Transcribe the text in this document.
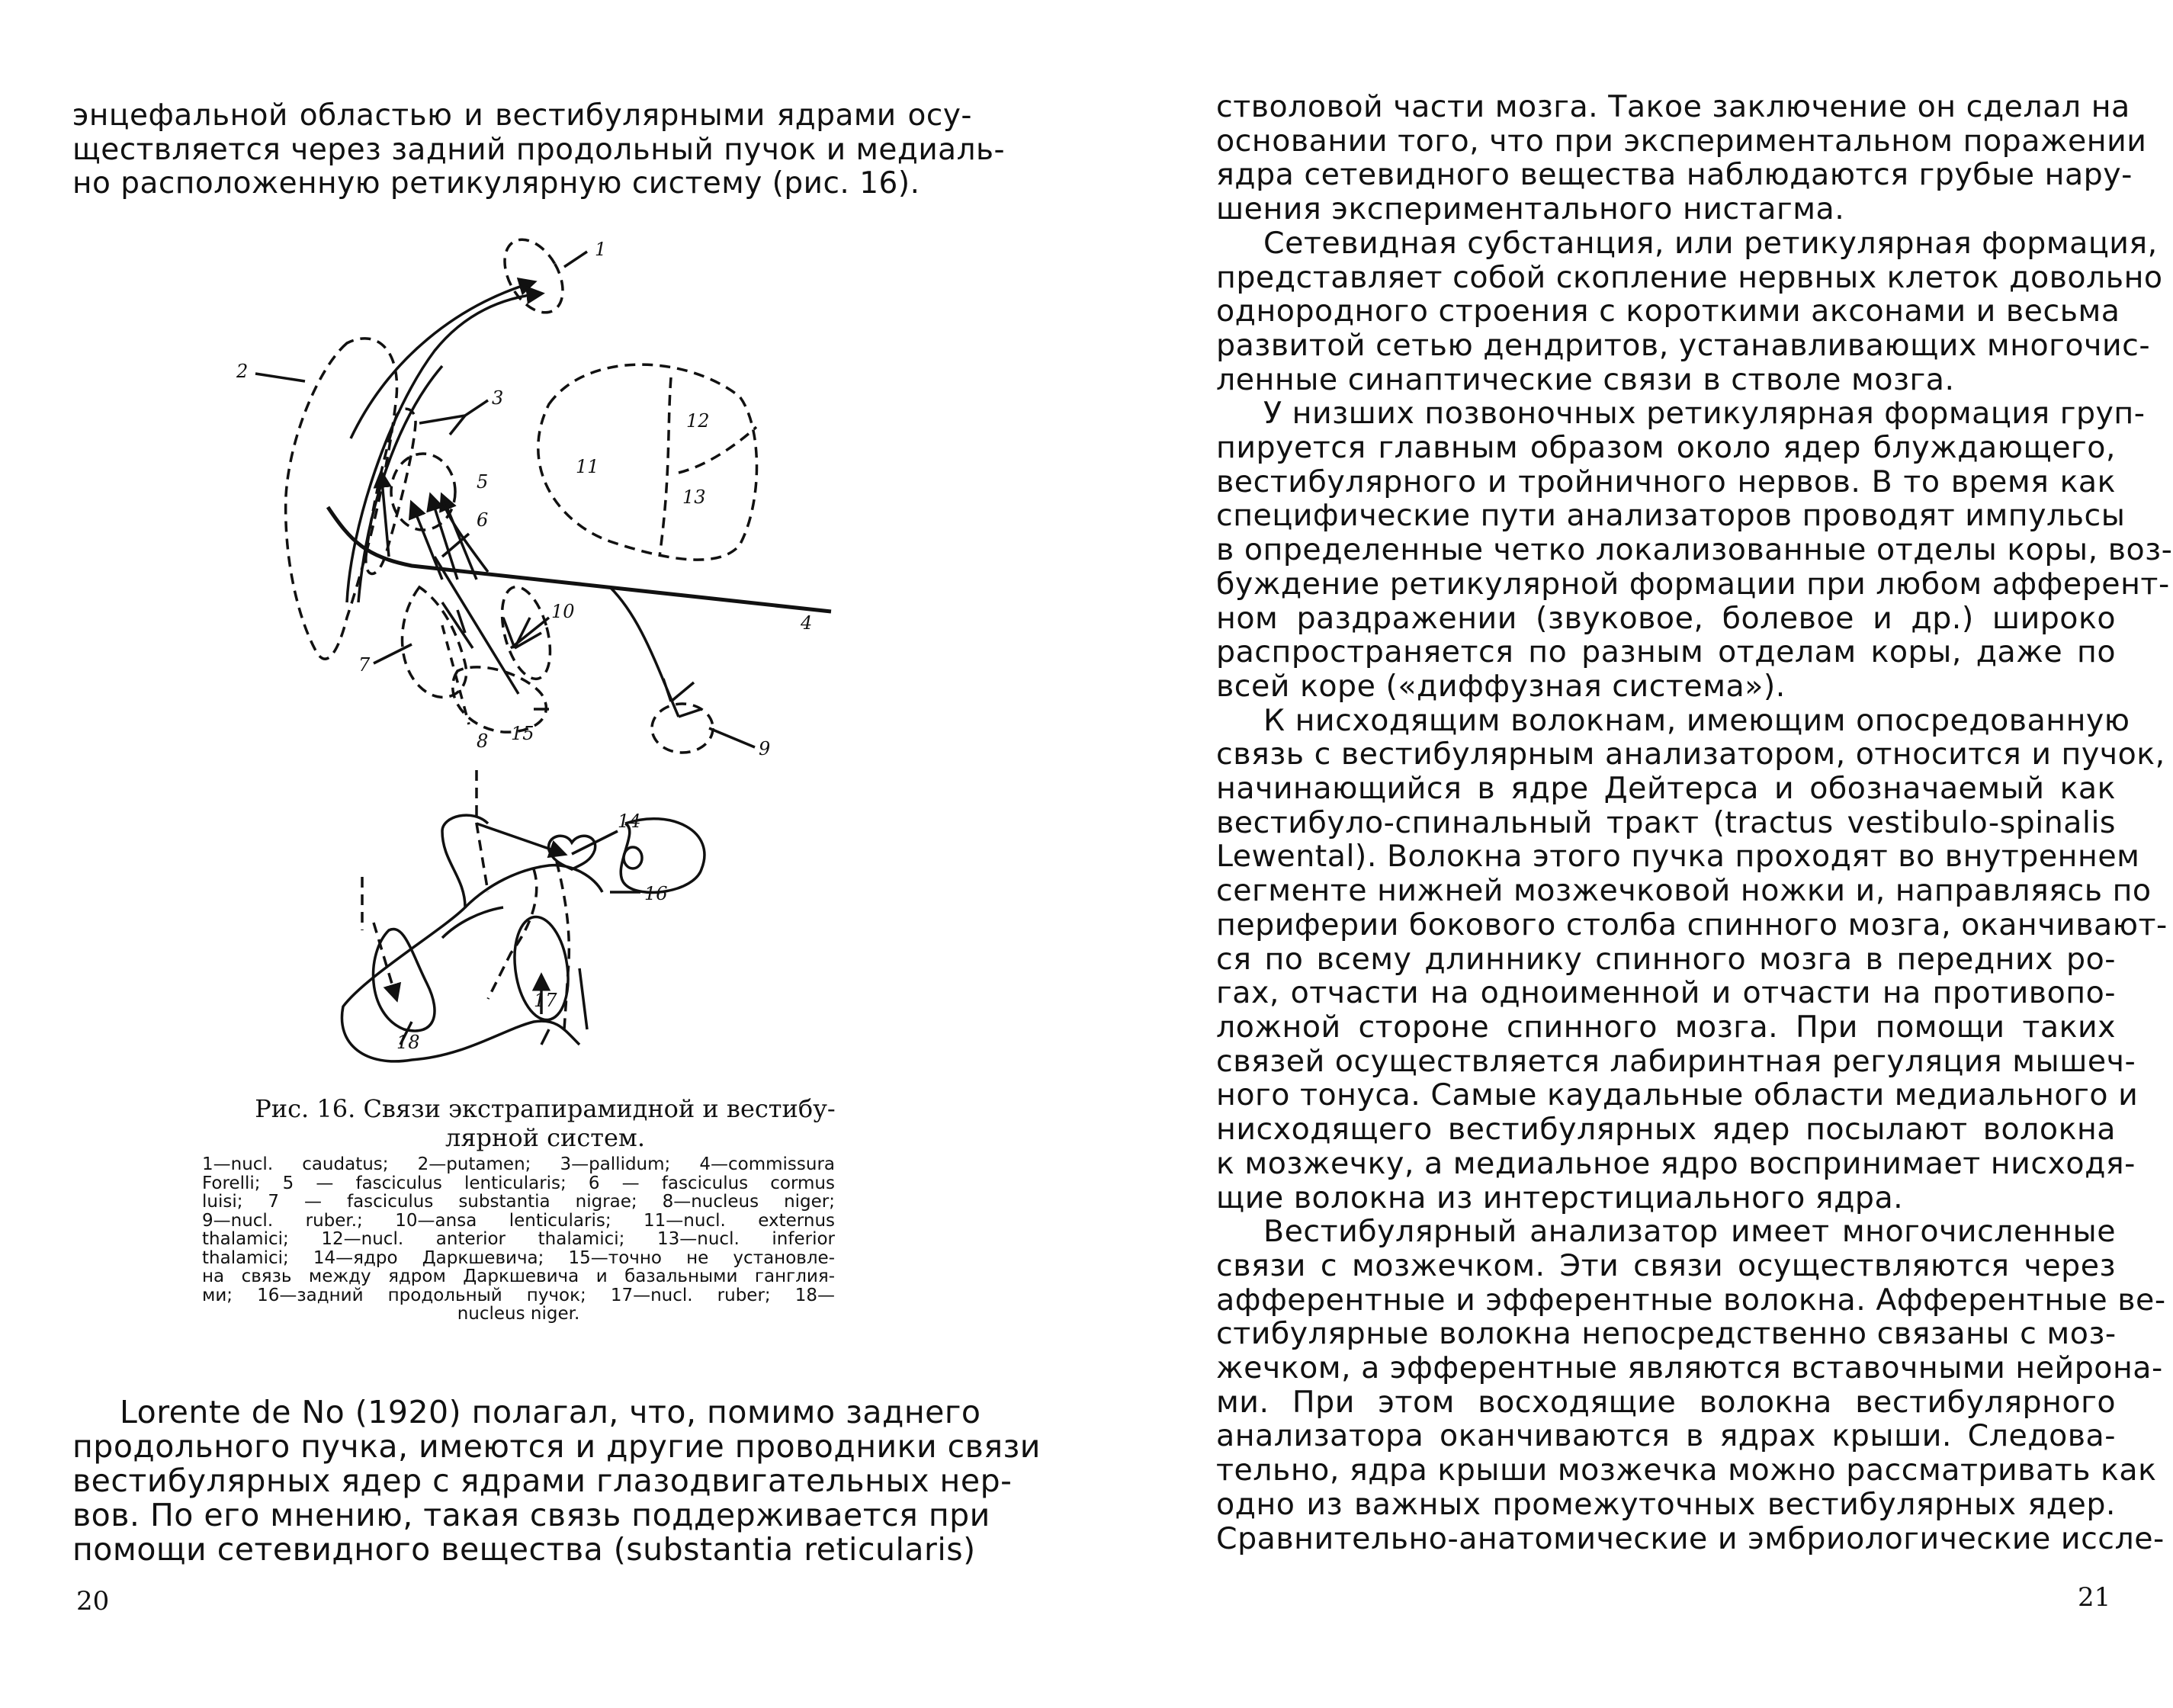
энцефальной областью и вестибулярными ядрами осу-
ществляется через задний продольный пучок и медиаль-
но расположенную ретикулярную систему (рис. 16).
1
2
3
4
5
6
7
8	9
10
11
12
13
14
15
16
17
18
Рис. 16. Связи экстрапирамидной и вестибу-
лярной систем.
1—nucl. caudatus; 2—putamen; 3—pallidum; 4—commissura
Forelli; 5 — fasciculus lenticularis; 6 — fasciculus cormus
luisi; 7 — fasciculus substantia nigrae; 8—nucleus niger;
9—nucl. ruber.; 10—ansa lenticularis; 11—nucl. externus
thalamici; 12—nucl. anterior thalamici; 13—nucl. inferior
thalamici; 14—ядро Даркшевича; 15—точно не установле-
на связь между ядром Даркшевича и базальными ганглия-
ми; 16—задний продольный пучок; 17—nucl. ruber; 18—
nucleus niger.
Lorente de No (1920) полагал, что, помимо заднего
продольного пучка, имеются и другие проводники связи
вестибулярных ядер с ядрами глазодвигательных нер-
вов. По его мнению, такая связь поддерживается при
помощи сетевидного вещества (substantia reticularis)
20
стволовой части мозга. Такое заключение он сделал на
основании того, что при экспериментальном поражении
ядра сетевидного вещества наблюдаются грубые нару-
шения экспериментального нистагма.
Сетевидная субстанция, или ретикулярная формация,
представляет собой скопление нервных клеток довольно
однородного строения с короткими аксонами и весьма
развитой сетью дендритов, устанавливающих многочис-
ленные синаптические связи в стволе мозга.
У низших позвоночных ретикулярная формация груп-
пируется главным образом около ядер блуждающего,
вестибулярного и тройничного нервов. В то время как
специфические пути анализаторов проводят импульсы
в определенные четко локализованные отделы коры, воз-
буждение ретикулярной формации при любом афферент-
ном раздражении (звуковое, болевое и др.) широко
распространяется по разным отделам коры, даже по
всей коре («диффузная система»).
К нисходящим волокнам, имеющим опосредованную
связь с вестибулярным анализатором, относится и пучок,
начинающийся в ядре Дейтерса и обозначаемый как
вестибуло-спинальный тракт (tractus vestibulo-spinalis
Lewental). Волокна этого пучка проходят во внутреннем
сегменте нижней мозжечковой ножки и, направляясь по
периферии бокового столба спинного мозга, оканчивают-
ся по всему длиннику спинного мозга в передних ро-
гах, отчасти на одноименной и отчасти на противопо-
ложной стороне спинного мозга. При помощи таких
связей осуществляется лабиринтная регуляция мышеч-
ного тонуса. Самые каудальные области медиального и
нисходящего вестибулярных ядер посылают волокна
к мозжечку, а медиальное ядро воспринимает нисходя-
щие волокна из интерстициального ядра.
Вестибулярный анализатор имеет многочисленные
связи с мозжечком. Эти связи осуществляются через
афферентные и эфферентные волокна. Афферентные ве-
стибулярные волокна непосредственно связаны с моз-
жечком, а эфферентные являются вставочными нейрона-
ми. При этом восходящие волокна вестибулярного
анализатора оканчиваются в ядрах крыши. Следова-
тельно, ядра крыши мозжечка можно рассматривать как
одно из важных промежуточных вестибулярных ядер.
Сравнительно-анатомические и эмбриологические иссле-
21
